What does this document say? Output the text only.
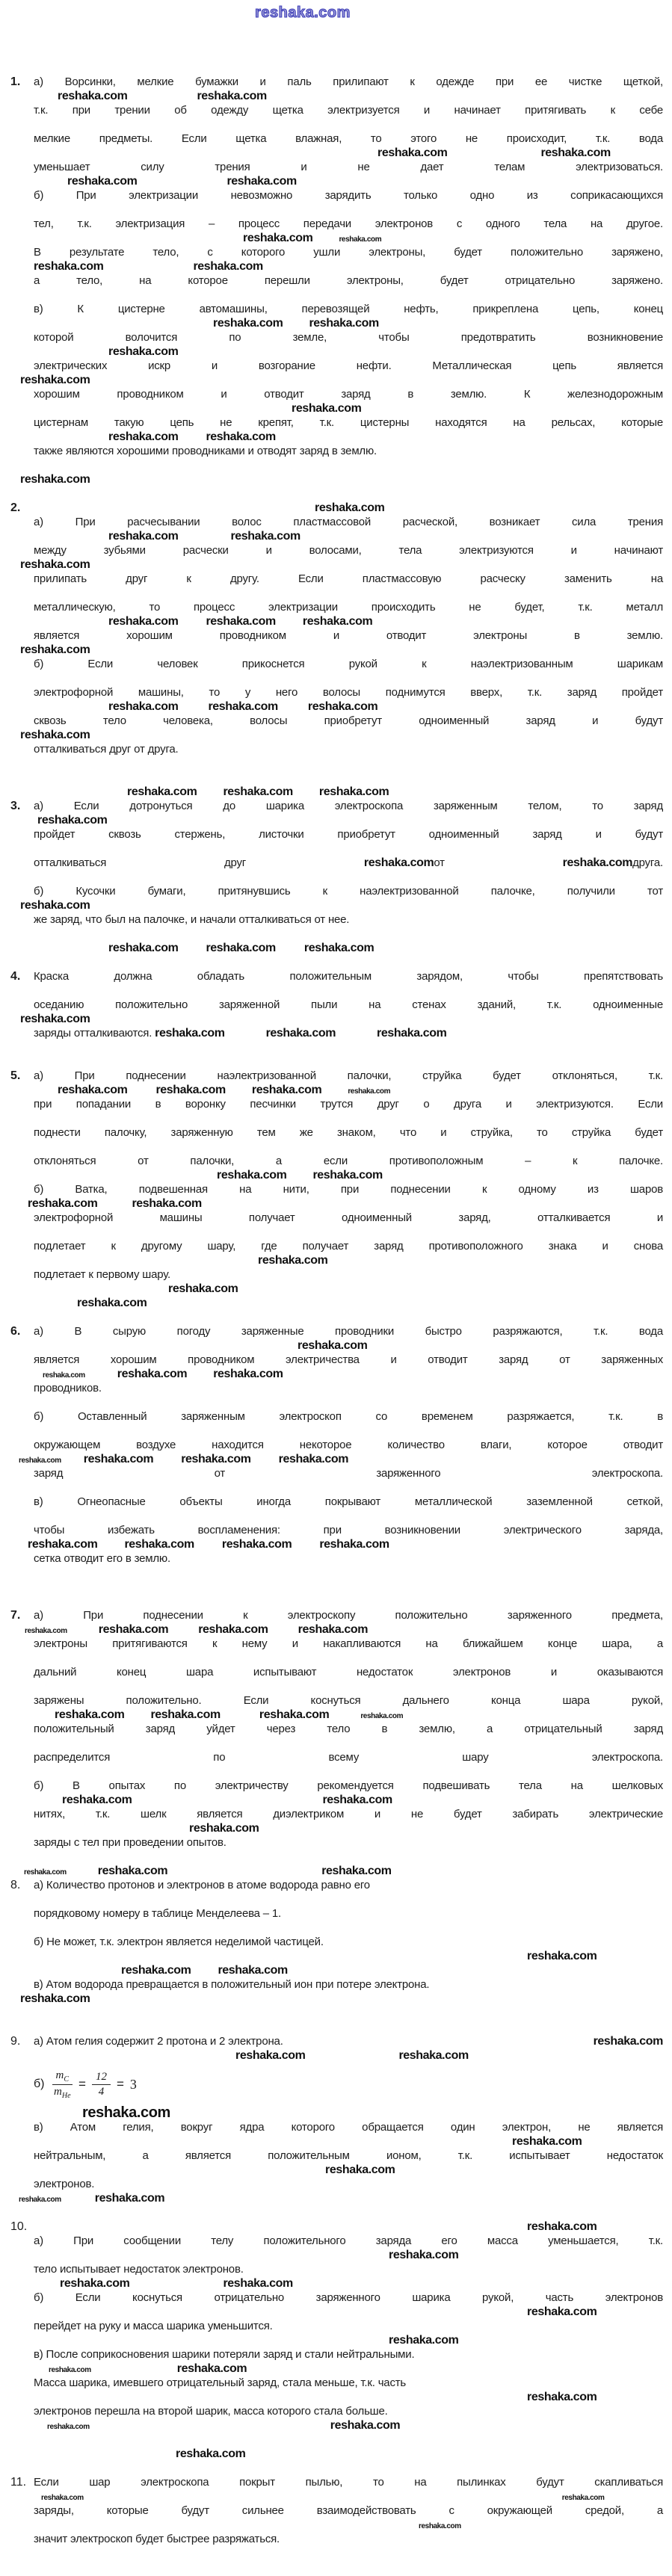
reshaka.com
1.	а) Ворсинки, мелкие бумажки и паль прилипают к одежде при ее чистке щеткой,
reshaka.com	reshaka.com
т.к. при трении об одежду щетка электризуется и начинает притягивать к себе
мелкие предметы. Если щетка влажная, то этого не происходит, т.к. вода
reshaka.com	reshaka.com
уменьшает силу трения и не дает телам электризоваться.
reshaka.com	reshaka.com
б) При электризации невозможно зарядить только одно из соприкасающихся
тел, т.к. электризация – процесс передачи электронов с одного тела на другое.
reshaka.com	reshaka.com
В результате тело, с которого ушли электроны, будет положительно заряжено,
reshaka.com	reshaka.com
а тело, на которое перешли электроны, будет отрицательно заряжено.
в) К цистерне автомашины, перевозящей нефть, прикреплена цепь, конец
reshaka.com reshaka.com
которой волочится по земле, чтобы предотвратить возникновение
reshaka.com
электрических искр и возгорание нефти. Металлическая цепь является
reshaka.com
хорошим проводником и отводит заряд в землю. К железнодорожным
reshaka.com
цистернам такую цепь не крепят, т.к. цистерны находятся на рельсах, которые
reshaka.com reshaka.com
также являются хорошими проводниками и отводят заряд в землю.
reshaka.com
2.	reshaka.com
а) При расчесывании волос пластмассовой расческой, возникает сила трения
reshaka.com	reshaka.com
между зубьями расчески и волосами, тела электризуются и начинают
reshaka.com
прилипать друг к другу. Если пластмассовую расческу заменить на
металлическую, то процесс электризации происходить не будет, т.к. металл
reshaka.com reshaka.com reshaka.com
является хорошим проводником и отводит электроны в землю.
reshaka.com
б) Если человек прикоснется рукой к наэлектризованным шарикам
электрофорной машины, то у него волосы поднимутся вверх, т.к. заряд пройдет
reshaka.com	reshaka.com	reshaka.com
сквозь тело человека, волосы приобретут одноименный заряд и будут
reshaka.com
отталкиваться друг от друга.
reshaka.com reshaka.com reshaka.com
3.	а) Если дотронуться до шарика электроскопа заряженным телом, то заряд
reshaka.com
пройдет сквозь стержень, листочки приобретут одноименный заряд и будут
отталкиваться	друг	reshaka.comот	reshaka.comдруга.
б) Кусочки бумаги, притянувшись к наэлектризованной палочке, получили тот
reshaka.com
же заряд, что был на палочке, и начали отталкиваться от нее.
reshaka.com reshaka.com reshaka.com
4.	Краска должна обладать положительным зарядом, чтобы препятствовать
оседанию положительно заряженной пыли на стенах зданий, т.к. одноименные
reshaka.com
заряды отталкиваются. reshaka.com	reshaka.com	reshaka.com
5.	а) При поднесении наэлектризованной палочки, струйка будет отклоняться, т.к.
reshaka.com reshaka.com reshaka.com	reshaka.com
при попадании в воронку песчинки трутся друг о друга и электризуются. Если
поднести палочку, заряженную тем же знаком, что и струйка, то струйка будет
отклоняться	от	палочки,	а	если	противоположным	–	к	палочке.
reshaka.com reshaka.com
б) Ватка, подвешенная на нити, при поднесении к одному из шаров
reshaka.com	reshaka.com
электрофорной машины получает одноименный заряд, отталкивается и
подлетает к другому шару, где получает заряд противоположного знака и снова
reshaka.com
подлетает к первому шару.
reshaka.com
reshaka.com
6.	а) В сырую погоду заряженные проводники быстро разряжаются, т.к. вода
reshaka.com
является хорошим проводником электричества и отводит заряд от заряженных
reshaka.com	reshaka.com reshaka.com
проводников.
б) Оставленный заряженным электроскоп со временем разряжается, т.к. в
окружающем воздухе находится некоторое количество влаги, которое отводит
reshaka.com reshaka.com reshaka.com reshaka.com
заряд	от	заряженного	электроскопа.
в) Огнеопасные объекты иногда покрывают металлической заземленной сеткой,
чтобы избежать воспламенения: при возникновении электрического заряда,
reshaka.com reshaka.com reshaka.com reshaka.com
сетка отводит его в землю.
7.	а) При поднесении к электроскопу положительно заряженного предмета,
reshaka.com	reshaka.com	reshaka.com	reshaka.com
электроны притягиваются к нему и накапливаются на ближайшем конце шара, а
дальний конец шара испытывают недостаток электронов и оказываются
заряжены положительно. Если коснуться дальнего конца шара рукой,
reshaka.com reshaka.com	reshaka.com	reshaka.com
положительный заряд уйдет через тело в землю, а отрицательный заряд
распределится	по	всему	шару	электроскопа.
б) В опытах по электричеству рекомендуется подвешивать тела на шелковых
reshaka.com	reshaka.com
нитях, т.к. шелк является диэлектриком и не будет забирать электрические
reshaka.com
заряды с тел при проведении опытов.
reshaka.com	reshaka.com	reshaka.com
8.	а) Количество протонов и электронов в атоме водорода равно его
порядковому номеру в таблице Менделеева – 1.
б) Не может, т.к. электрон является неделимой частицей.
reshaka.com
reshaka.com reshaka.com
в) Атом водорода превращается в положительный ион при потере электрона.
reshaka.com
9.	а) Атом гелия содержит 2 протона и 2 электрона.	reshaka.com
reshaka.com	reshaka.com
$б) \frac{m_C}{m_{He}} = \frac{12}{4} = 3$
reshaka.com
в) Атом гелия, вокруг ядра которого обращается один электрон, не является
reshaka.com
нейтральным, а является положительным ионом, т.к. испытывает недостаток
reshaka.com
электронов.
reshaka.com	reshaka.com
10.	reshaka.com
а) При сообщении телу положительного заряда его масса уменьшается, т.к.
reshaka.com
тело испытывает недостаток электронов.
reshaka.com	reshaka.com
б) Если коснуться отрицательно заряженного шарика рукой, часть электронов
reshaka.com
перейдет на руку и масса шарика уменьшится.
reshaka.com
в) После соприкосновения шарики потеряли заряд и стали нейтральными.
reshaka.com	reshaka.com
Масса шарика, имевшего отрицательный заряд, стала меньше, т.к. часть
reshaka.com
электронов перешла на второй шарик, масса которого стала больше.
reshaka.com	reshaka.com
reshaka.com
11. Если шар электроскопа покрыт пылью, то на пылинках будут скапливаться
reshaka.com	reshaka.com
заряды, которые будут сильнее взаимодействовать с окружающей средой, а
reshaka.com
значит электроскоп будет быстрее разряжаться.
